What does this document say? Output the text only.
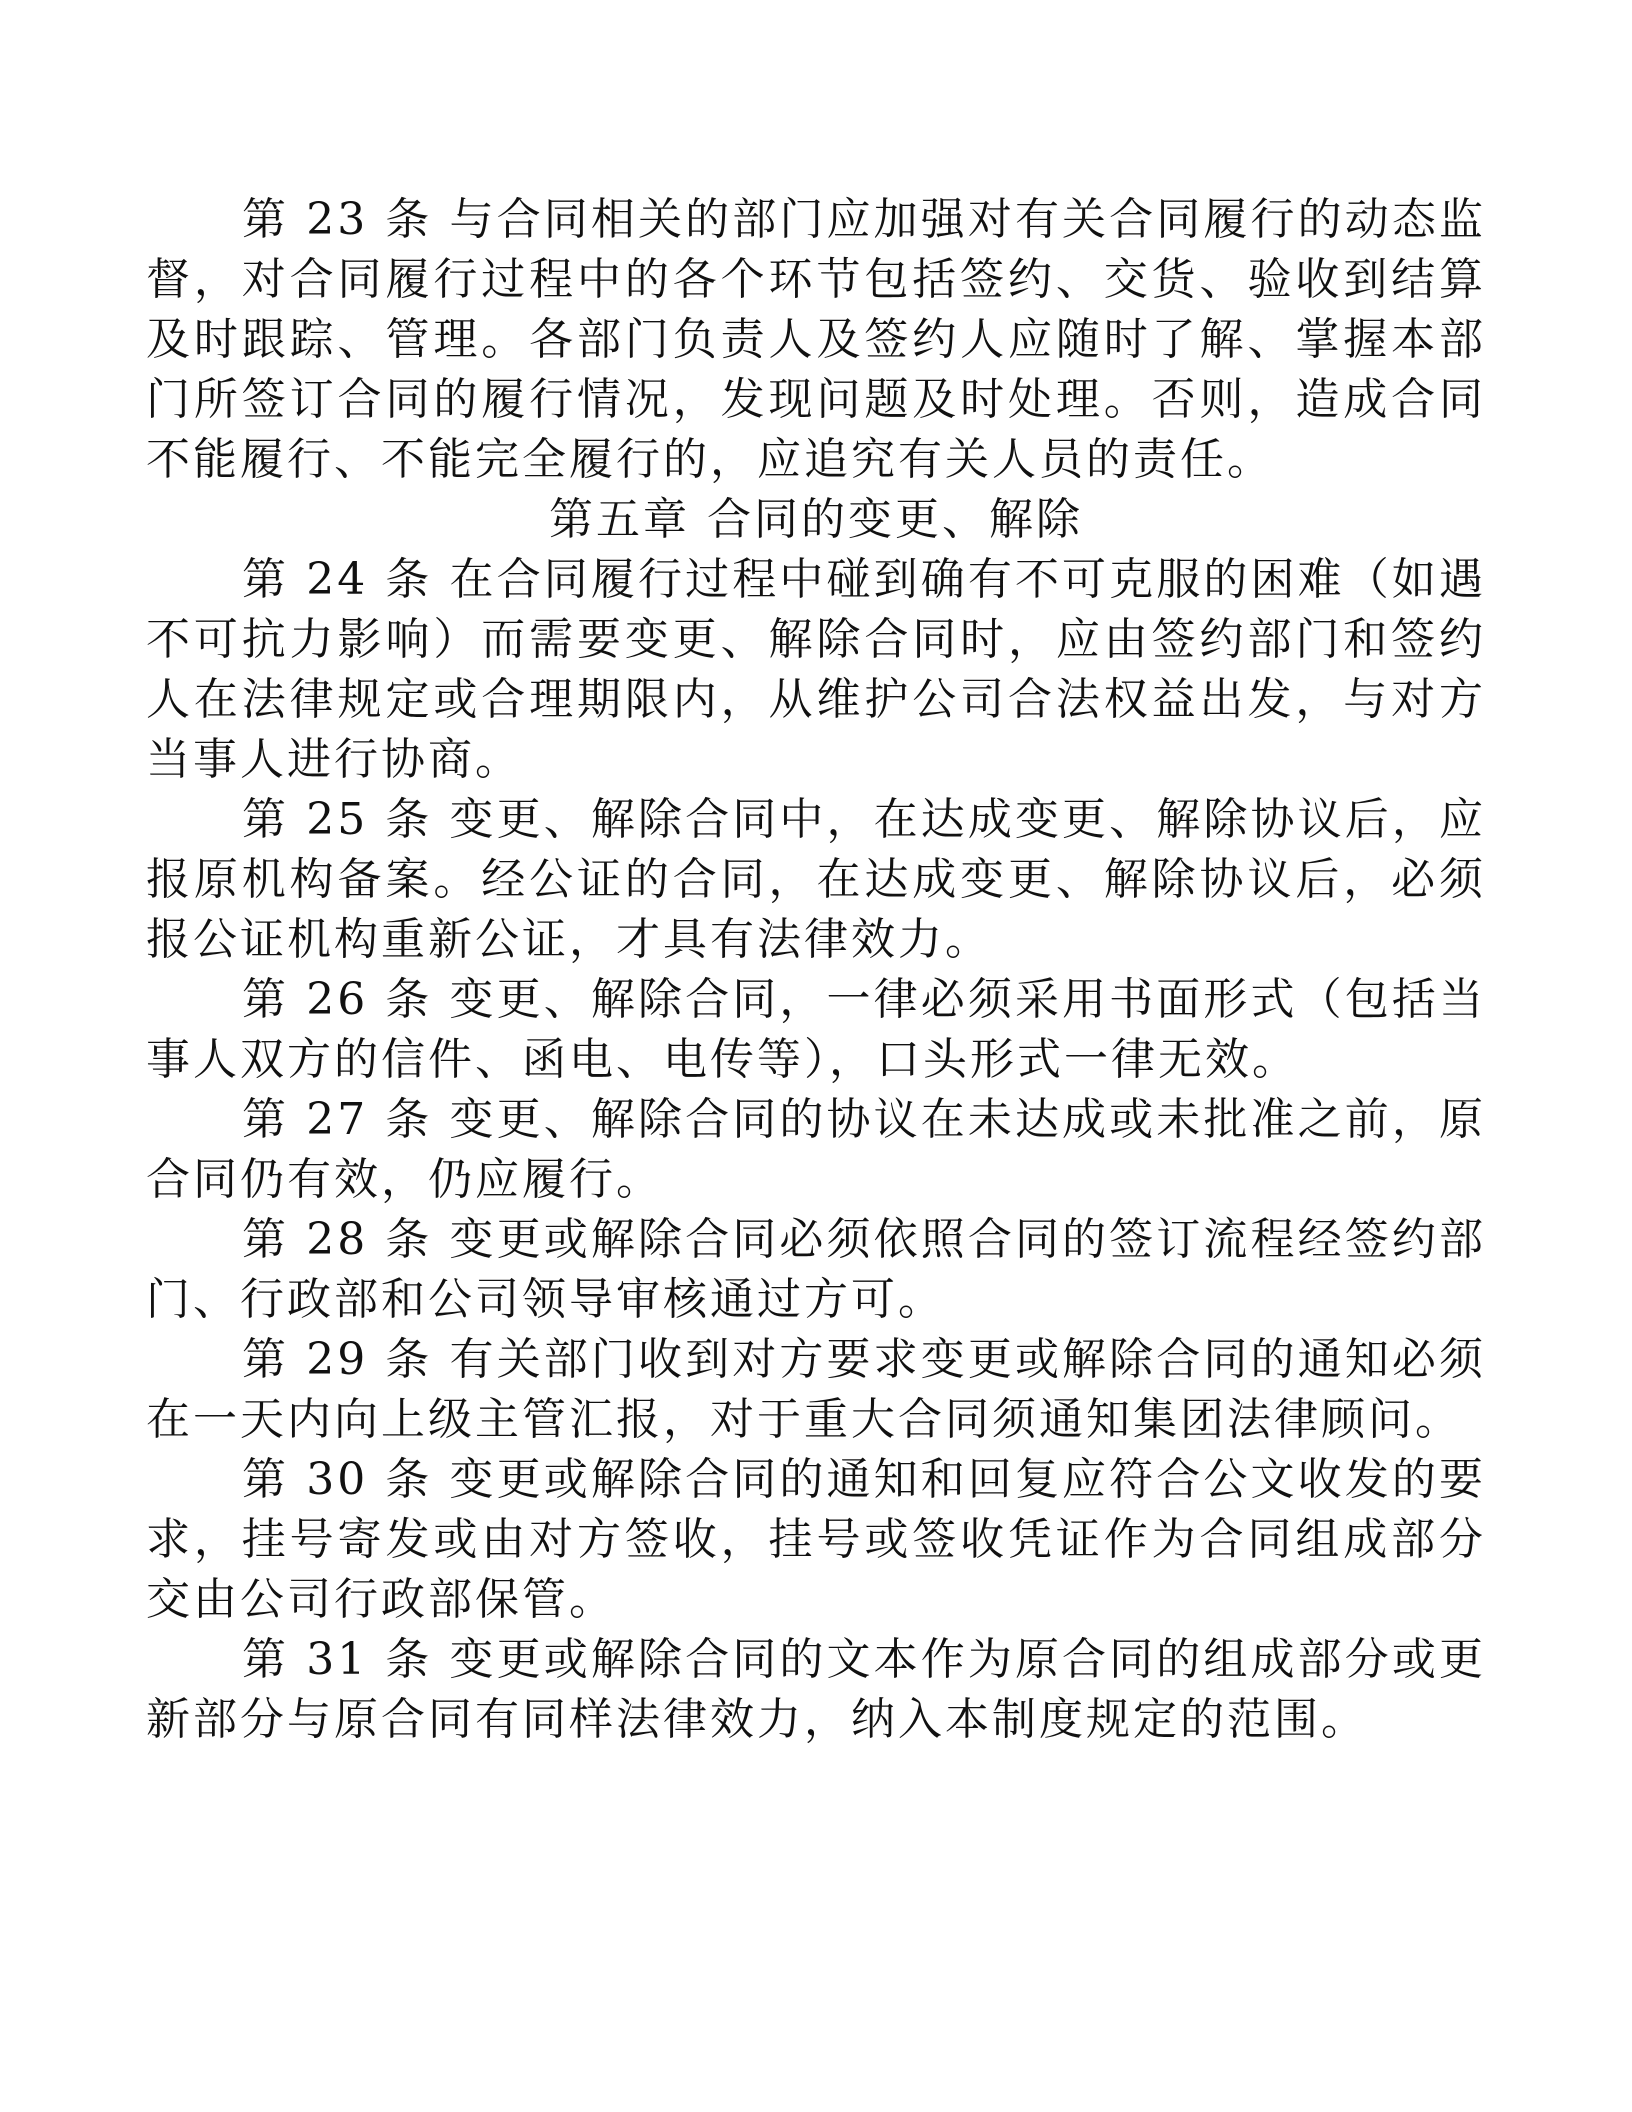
第 23 条 与合同相关的部门应加强对有关合同履行的动态监督，对合同履行过程中的各个环节包括签约、交货、验收到结算及时跟踪、管理。各部门负责人及签约人应随时了解、掌握本部门所签订合同的履行情况，发现问题及时处理。否则，造成合同不能履行、不能完全履行的，应追究有关人员的责任。

第五章 合同的变更、解除

第 24 条 在合同履行过程中碰到确有不可克服的困难（如遇不可抗力影响）而需要变更、解除合同时，应由签约部门和签约人在法律规定或合理期限内，从维护公司合法权益出发，与对方当事人进行协商。

第 25 条 变更、解除合同中，在达成变更、解除协议后，应报原机构备案。经公证的合同，在达成变更、解除协议后，必须报公证机构重新公证，才具有法律效力。

第 26 条 变更、解除合同，一律必须采用书面形式（包括当事人双方的信件、函电、电传等），口头形式一律无效。

第 27 条 变更、解除合同的协议在未达成或未批准之前，原合同仍有效，仍应履行。

第 28 条 变更或解除合同必须依照合同的签订流程经签约部门、行政部和公司领导审核通过方可。

第 29 条 有关部门收到对方要求变更或解除合同的通知必须在一天内向上级主管汇报，对于重大合同须通知集团法律顾问。

第 30 条 变更或解除合同的通知和回复应符合公文收发的要求，挂号寄发或由对方签收，挂号或签收凭证作为合同组成部分交由公司行政部保管。

第 31 条 变更或解除合同的文本作为原合同的组成部分或更新部分与原合同有同样法律效力，纳入本制度规定的范围。
